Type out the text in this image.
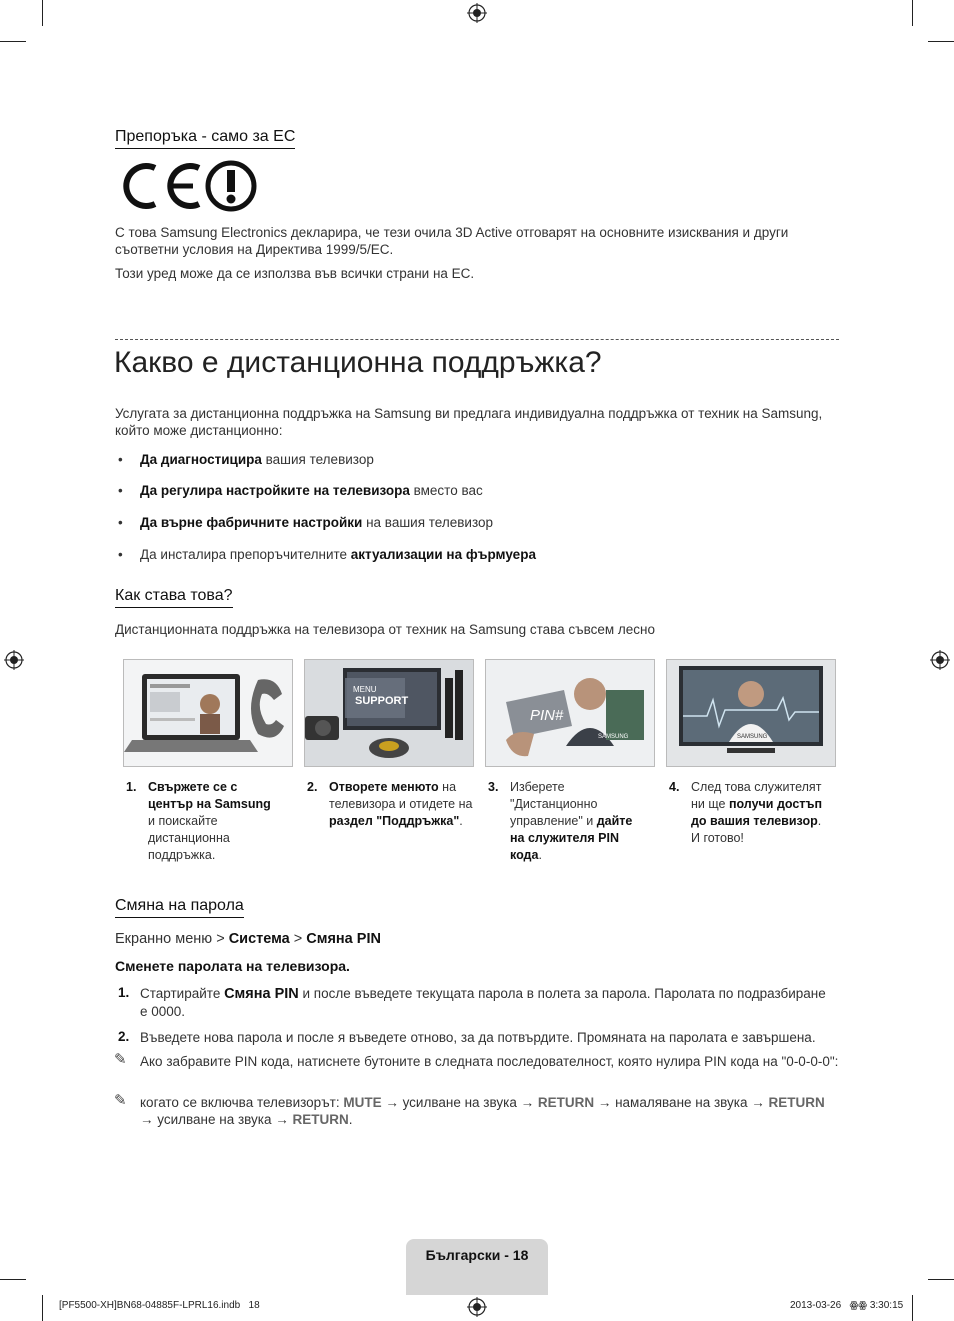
Препоръка - само за ЕС
С това Samsung Electronics декларира, че тези очила 3D Active отговарят на основните изисквания и други съответни условия на Директива 1999/5/ЕС.
Този уред може да се използва във всички страни на ЕС.
Какво е дистанционна поддръжка?
Услугата за дистанционна поддръжка на Samsung ви предлага индивидуална поддръжка от техник на Samsung, който може дистанционно:
• Да диагностицира вашия телевизор
• Да регулира настройките на телевизора вместо вас
• Да върне фабричните настройки на вашия телевизор
• Да инсталира препоръчителните актуализации на фърмуера
Как става това?
Дистанционната поддръжка на телевизора от техник на Samsung става съвсем лесно
MENU
SUPPORT
PIN#
SAMSUNG	SAMSUNG
1. Свържете се с център на Samsung и поискайте дистанционна поддръжка.
2. Отворете менюто на телевизора и отидете на раздел "Поддръжка".
3. Изберете "Дистанционно управление" и дайте на служителя PIN кода.
4. След това служителят ни ще получи достъп до вашия телевизор. И готово!
Смяна на парола
Екранно меню > Система > Смяна PIN
Сменете паролата на телевизора.
1. Стартирайте Смяна PIN и после въведете текущата парола в полета за парола. Паролата по подразбиране е 0000.
2. Въведете нова парола и после я въведете отново, за да потвърдите. Промяната на паролата е завършена.
✎ Ако забравите PIN кода, натиснете бутоните в следната последователност, която нулира PIN кода на "0-0-0-0":
✎ когато се включва телевизорът: MUTE → усилване на звука → RETURN → намаляване на звука → RETURN → усилване на звука → RETURN.
Български - 18
[PF5500-XH]BN68-04885F-LPRL16.indb   18	2013-03-26   ꙮꙮ 3:30:15
